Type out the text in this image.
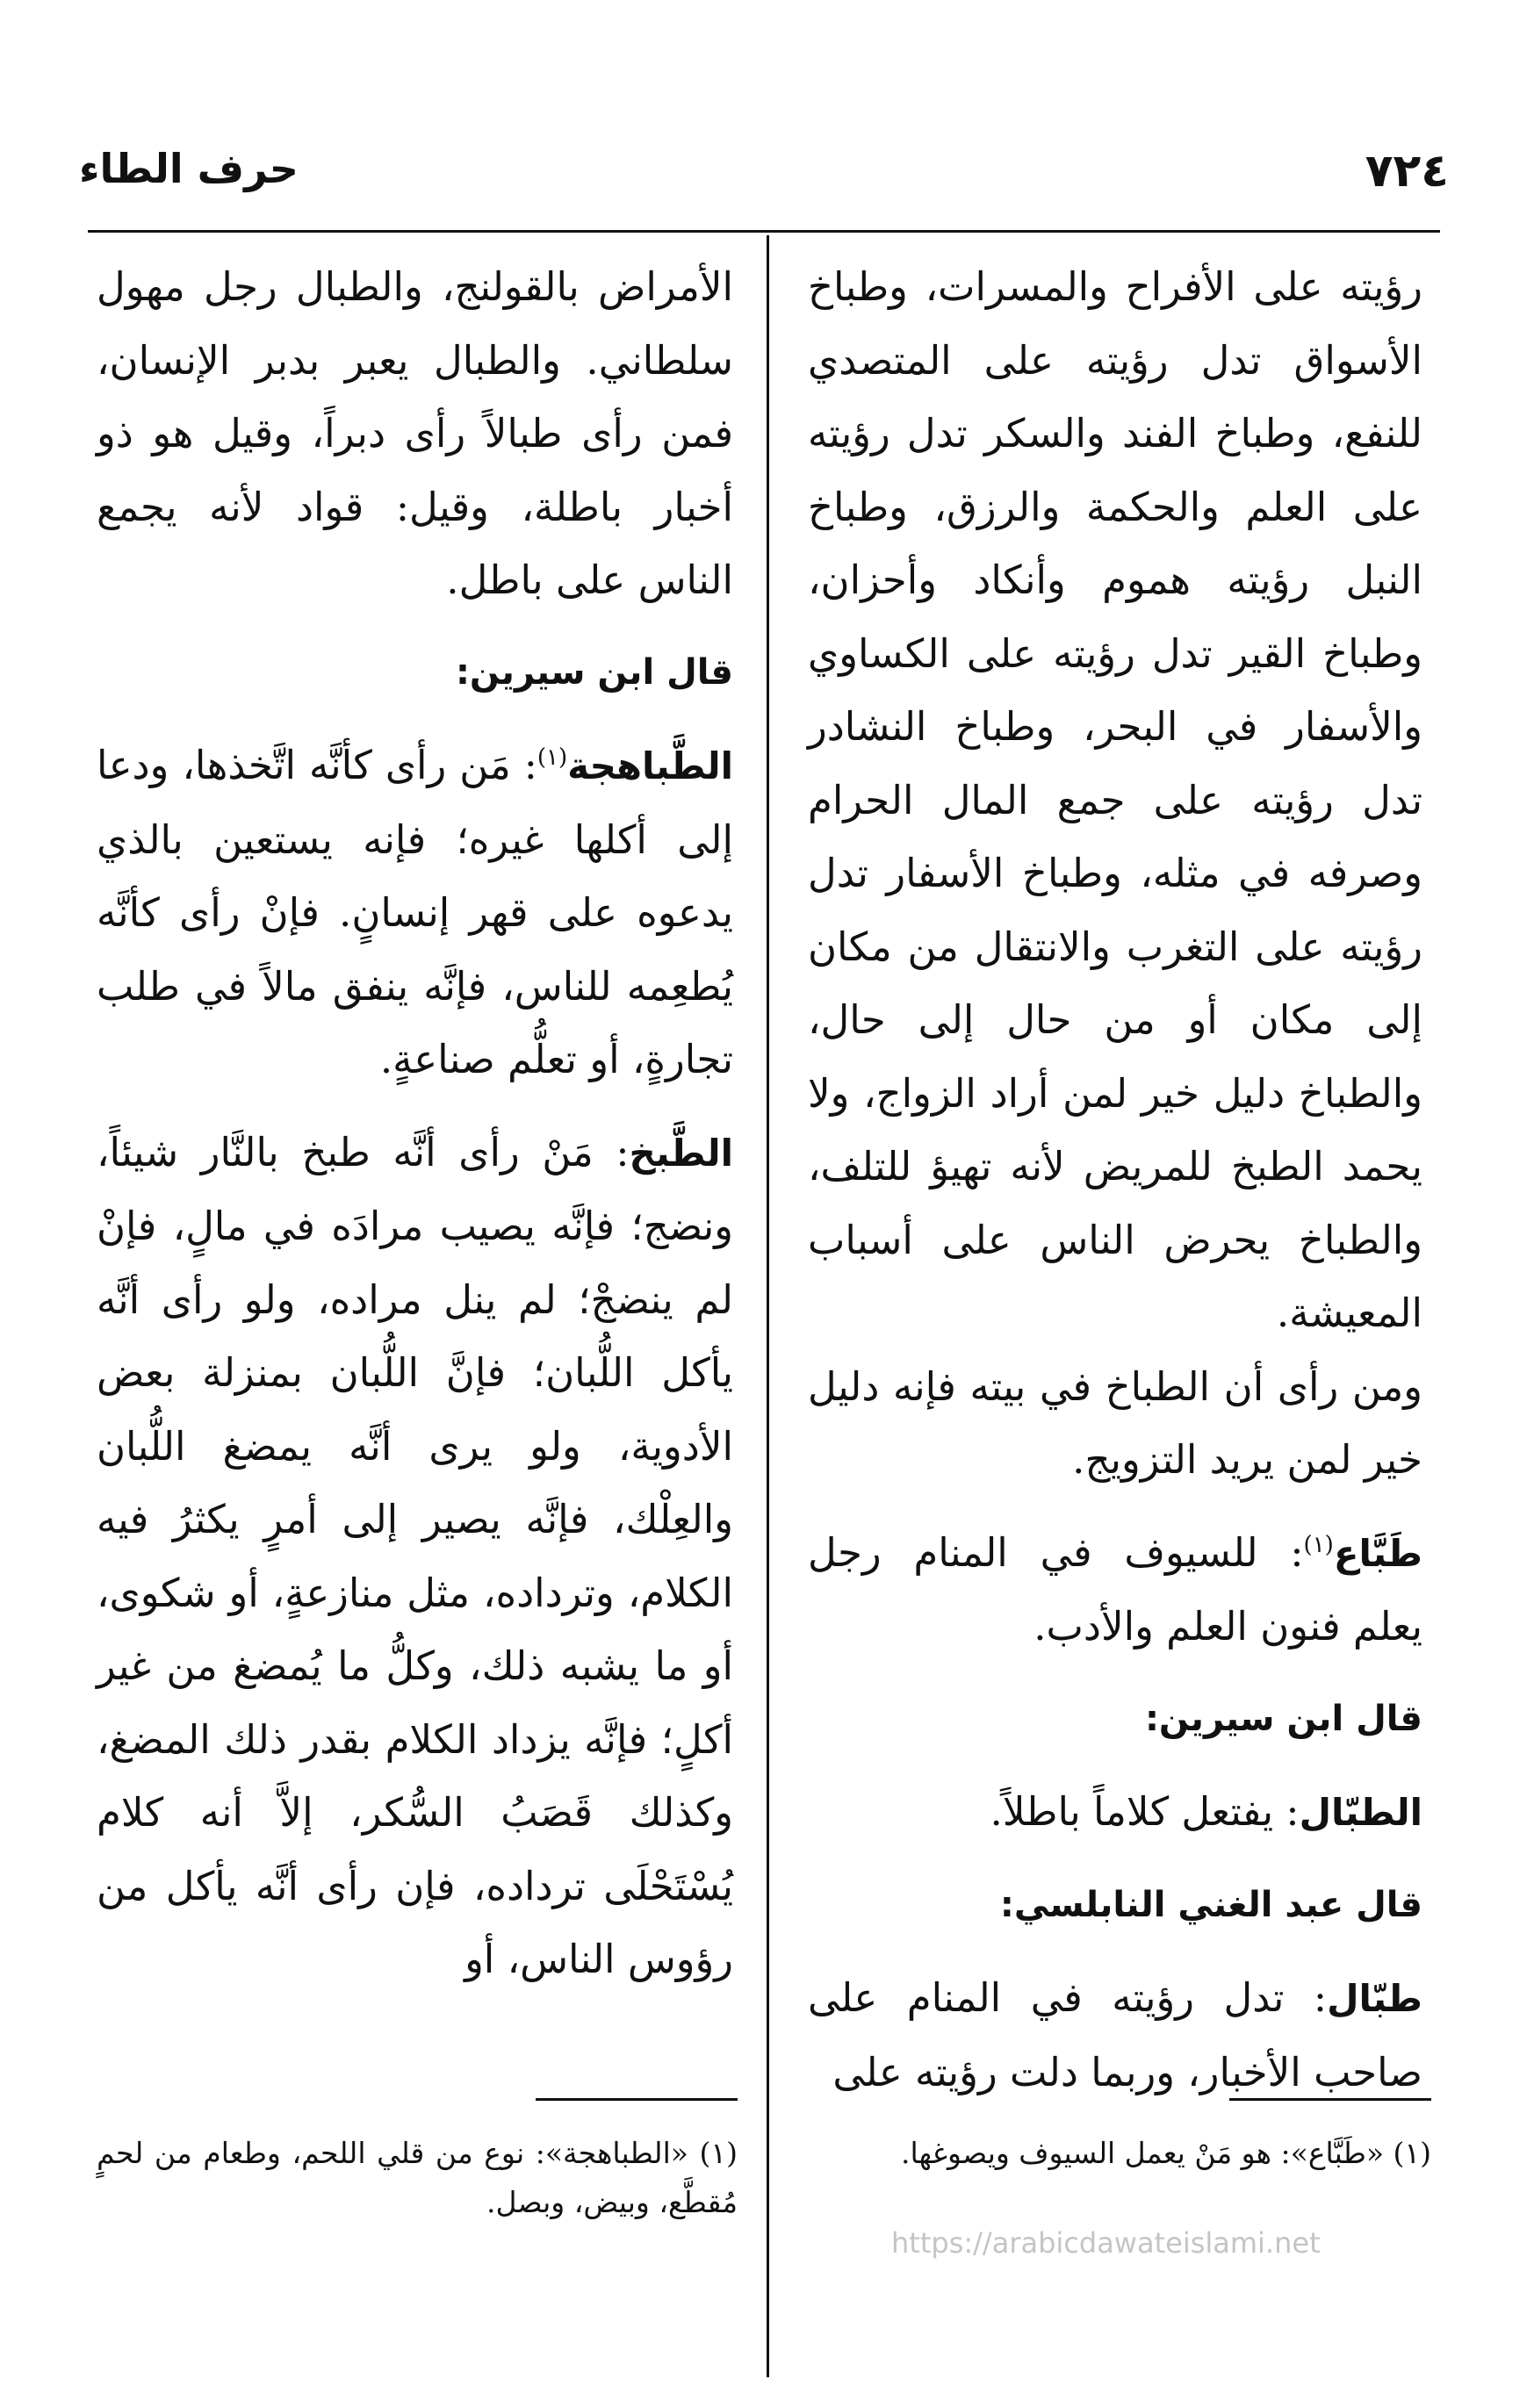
٧٢٤
حرف الطاء

رؤيته على الأفراح والمسرات، وطباخ الأسواق تدل رؤيته على المتصدي للنفع، وطباخ الفند والسكر تدل رؤيته على العلم والحكمة والرزق، وطباخ النبل رؤيته هموم وأنكاد وأحزان، وطباخ القير تدل رؤيته على الكساوي والأسفار في البحر، وطباخ النشادر تدل رؤيته على جمع المال الحرام وصرفه في مثله، وطباخ الأسفار تدل رؤيته على التغرب والانتقال من مكان إلى مكان أو من حال إلى حال، والطباخ دليل خير لمن أراد الزواج، ولا يحمد الطبخ للمريض لأنه تهيؤ للتلف، والطباخ يحرض الناس على أسباب المعيشة.

ومن رأى أن الطباخ في بيته فإنه دليل خير لمن يريد التزويج.

طَبَّاع$^{(١)}$: للسيوف في المنام رجل يعلم فنون العلم والأدب.

قال ابن سيرين:

الطبّال: يفتعل كلاماً باطلاً.

قال عبد الغني النابلسي:

طبّال: تدل رؤيته في المنام على صاحب الأخبار، وربما دلت رؤيته على

الأمراض بالقولنج، والطبال رجل مهول سلطاني. والطبال يعبر بدبر الإنسان، فمن رأى طبالاً رأى دبراً، وقيل هو ذو أخبار باطلة، وقيل: قواد لأنه يجمع الناس على باطل.

قال ابن سيرين:

الطَّباهجة$^{(١)}$: مَن رأى كأنَّه اتَّخذها، ودعا إلى أكلها غيره؛ فإنه يستعين بالذي يدعوه على قهر إنسانٍ. فإنْ رأى كأنَّه يُطعِمه للناس، فإنَّه ينفق مالاً في طلب تجارةٍ، أو تعلُّم صناعةٍ.

الطَّبخ: مَنْ رأى أنَّه طبخ بالنَّار شيئاً، ونضج؛ فإنَّه يصيب مرادَه في مالٍ، فإنْ لم ينضجْ؛ لم ينل مراده، ولو رأى أنَّه يأكل اللُّبان؛ فإنَّ اللُّبان بمنزلة بعض الأدوية، ولو يرى أنَّه يمضغ اللُّبان والعِلْك، فإنَّه يصير إلى أمرٍ يكثرُ فيه الكلام، وترداده، مثل منازعةٍ، أو شكوى، أو ما يشبه ذلك، وكلُّ ما يُمضغ من غير أكلٍ؛ فإنَّه يزداد الكلام بقدر ذلك المضغ، وكذلك قَصَبُ السُّكر، إلاَّ أنه كلام يُسْتَحْلَى ترداده، فإن رأى أنَّه يأكل من رؤوس الناس، أو

(١) «طَبَّاع»: هو مَنْ يعمل السيوف ويصوغها.
(١) «الطباهجة»: نوع من قلي اللحم، وطعام من لحمٍ مُقطَّع، وبيض، وبصل.
https://arabicdawateislami.net
